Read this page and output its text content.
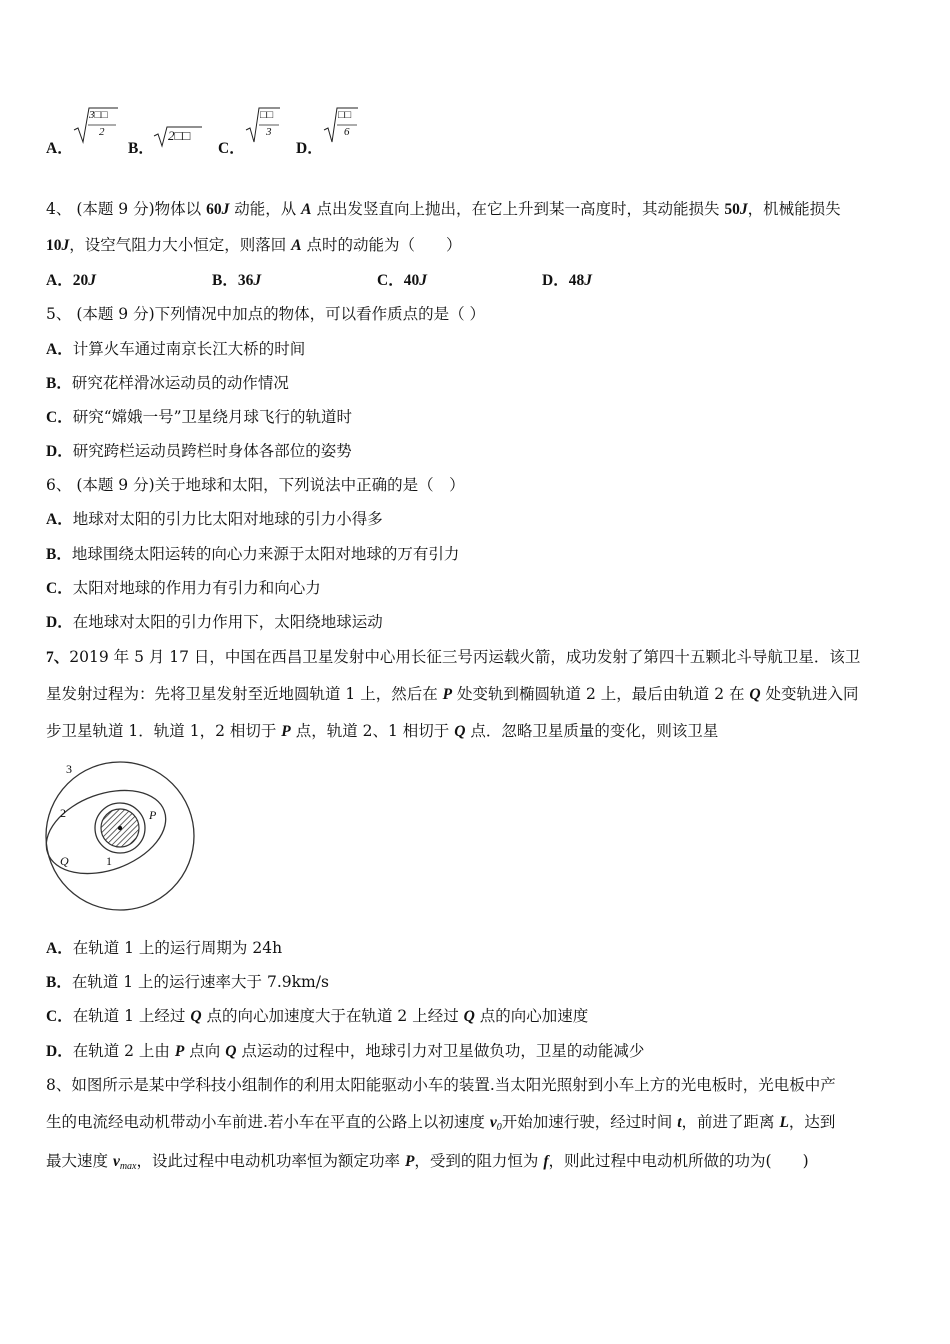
A．
3□□
2
B．
2□□
C．
□□
3
D．
□□
6
4、 (本题 9 分)物体以 60J 动能，从 A 点出发竖直向上抛出，在它上升到某一高度时，其动能损失 50J，机械能损失
10J，设空气阻力大小恒定，则落回 A 点时的动能为（　　）
A．20J	B．36J	C．40J	D．48J
5、 (本题 9 分)下列情况中加点的物体，可以看作质点的是（ ）
A．计算火车通过南京长江大桥的时间
B．研究花样滑冰运动员的动作情况
C．研究“嫦娥一号”卫星绕月球飞行的轨道时
D．研究跨栏运动员跨栏时身体各部位的姿势
6、 (本题 9 分)关于地球和太阳，下列说法中正确的是（　）
A．地球对太阳的引力比太阳对地球的引力小得多
B．地球围绕太阳运转的向心力来源于太阳对地球的万有引力
C．太阳对地球的作用力有引力和向心力
D．在地球对太阳的引力作用下，太阳绕地球运动
7、2019 年 5 月 17 日，中国在西昌卫星发射中心用长征三号丙运载火箭，成功发射了第四十五颗北斗导航卫星．该卫
星发射过程为：先将卫星发射至近地圆轨道 1 上，然后在 P 处变轨到椭圆轨道 2 上，最后由轨道 2 在 Q 处变轨进入同
步卫星轨道 1．轨道 1，2 相切于 P 点，轨道 2、1 相切于 Q 点．忽略卫星质量的变化，则该卫星
3
2	P
1
Q
A．在轨道 1 上的运行周期为 24h
B．在轨道 1 上的运行速率大于 7.9km/s
C．在轨道 1 上经过 Q 点的向心加速度大于在轨道 2 上经过 Q 点的向心加速度
D．在轨道 2 上由 P 点向 Q 点运动的过程中，地球引力对卫星做负功，卫星的动能减少
8、如图所示是某中学科技小组制作的利用太阳能驱动小车的装置.当太阳光照射到小车上方的光电板时，光电板中产
生的电流经电动机带动小车前进.若小车在平直的公路上以初速度 $v_0$开始加速行驶，经过时间 t，前进了距离 L，达到
最大速度 $v_{max}$，设此过程中电动机功率恒为额定功率 P，受到的阻力恒为 f，则此过程中电动机所做的功为(　　)
